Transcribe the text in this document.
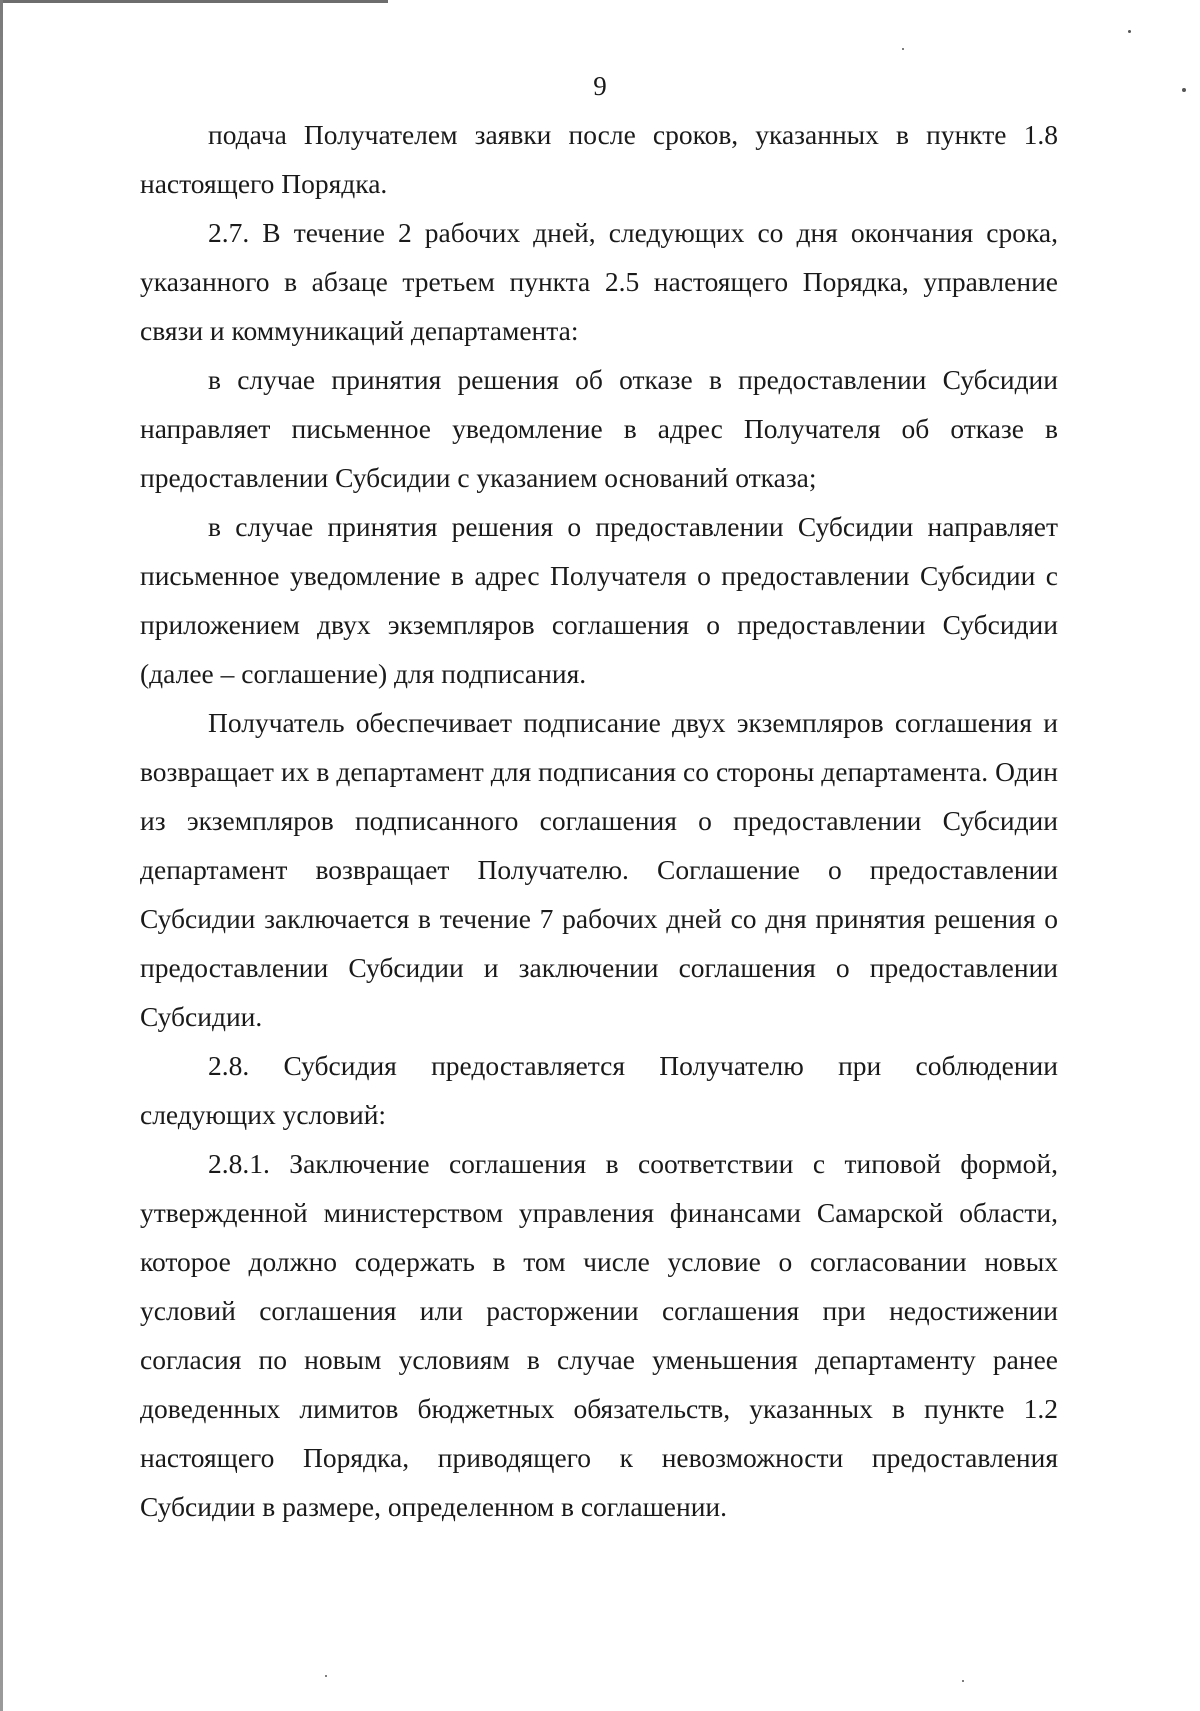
9

подача Получателем заявки после сроков, указанных в пункте 1.8 настоящего Порядка.

2.7. В течение 2 рабочих дней, следующих со дня окончания срока, указанного в абзаце третьем пункта 2.5 настоящего Порядка, управление связи и коммуникаций департамента:

в случае принятия решения об отказе в предоставлении Субсидии направляет письменное уведомление в адрес Получателя об отказе в предоставлении Субсидии с указанием оснований отказа;

в случае принятия решения о предоставлении Субсидии направляет письменное уведомление в адрес Получателя о предоставлении Субсидии с приложением двух экземпляров соглашения о предоставлении Субсидии (далее – соглашение) для подписания.

Получатель обеспечивает подписание двух экземпляров соглашения и возвращает их в департамент для подписания со стороны департамента. Один из экземпляров подписанного соглашения о предоставлении Субсидии департамент возвращает Получателю. Соглашение о предоставлении Субсидии заключается в течение 7 рабочих дней со дня принятия решения о предоставлении Субсидии и заключении соглашения о предоставлении Субсидии.

2.8. Субсидия предоставляется Получателю при соблюдении следующих условий:

2.8.1. Заключение соглашения в соответствии с типовой формой, утвержденной министерством управления финансами Самарской области, которое должно содержать в том числе условие о согласовании новых условий соглашения или расторжении соглашения при недостижении согласия по новым условиям в случае уменьшения департаменту ранее доведенных лимитов бюджетных обязательств, указанных в пункте 1.2 настоящего Порядка, приводящего к невозможности предоставления Субсидии в размере, определенном в соглашении.
